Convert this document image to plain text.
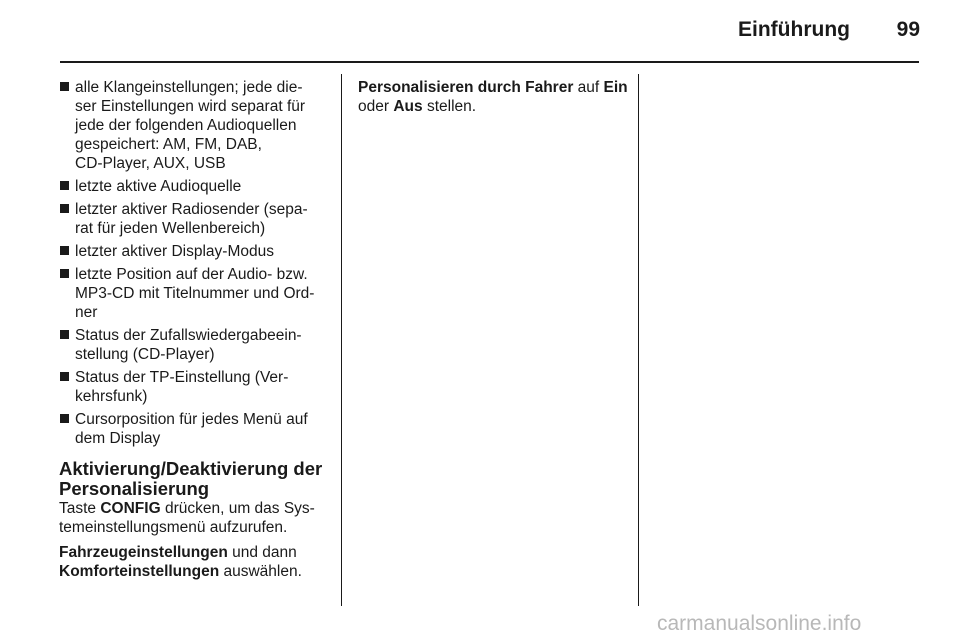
Einführung 99
alle Klangeinstellungen; jede die-
ser Einstellungen wird separat für
jede der folgenden Audioquellen
gespeichert: AM, FM, DAB,
CD-Player, AUX, USB
letzte aktive Audioquelle
letzter aktiver Radiosender (sepa-
rat für jeden Wellenbereich)
letzter aktiver Display-Modus
letzte Position auf der Audio- bzw.
MP3-CD mit Titelnummer und Ord-
ner
Status der Zufallswiedergabeein-
stellung (CD-Player)
Status der TP-Einstellung (Ver-
kehrsfunk)
Cursorposition für jedes Menü auf
dem Display
Aktivierung/Deaktivierung der
Personalisierung

Taste CONFIG drücken, um das Sys-
temeinstellungsmenü aufzurufen.

Fahrzeugeinstellungen und dann
Komforteinstellungen auswählen.

Personalisieren durch Fahrer auf Ein
oder Aus stellen.

carmanualsonline.info
